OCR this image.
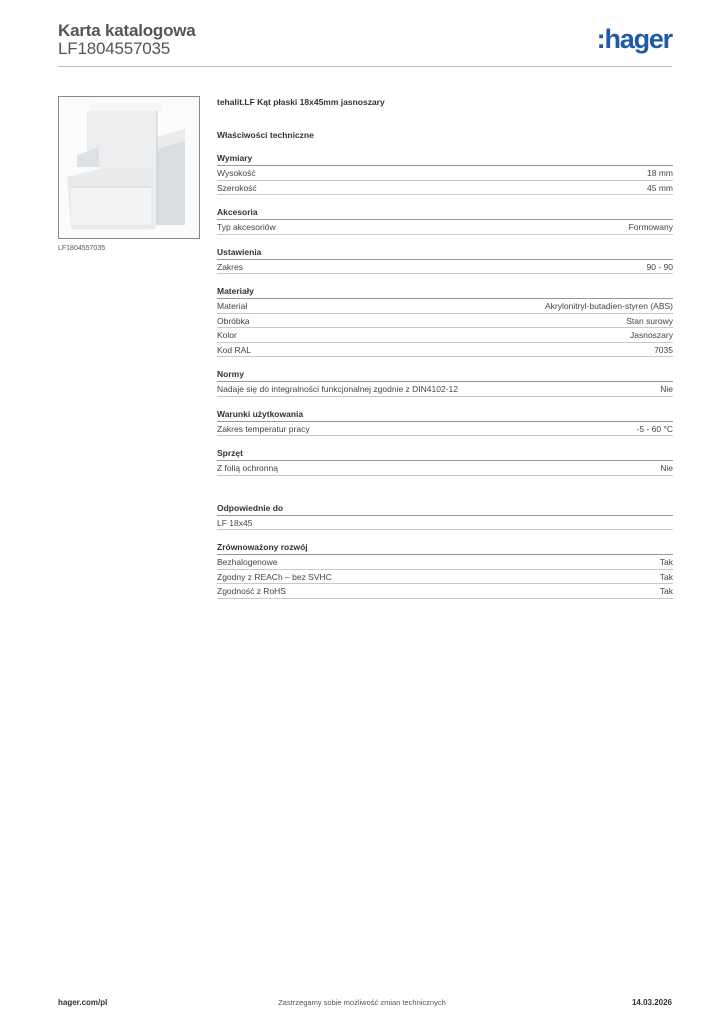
Karta katalogowa
LF1804557035	:hager
LF1804557035
tehalit.LF Kąt płaski 18x45mm jasnoszary
Właściwości techniczne
Wymiary
Wysokość	18 mm
Szerokość	45 mm
Akcesoria
Typ akcesoriów	Formowany
Ustawienia
Zakres	90 - 90
Materiały
Materiał	Akrylonitryl-butadien-styren (ABS)
Obróbka	Stan surowy
Kolor	Jasnoszary
Kod RAL	7035
Normy
Nadaje się do integralności funkcjonalnej zgodnie z DIN4102-12	Nie
Warunki użytkowania
Zakres temperatur pracy	-5 - 60 °C
Sprzęt
Z folią ochronną	Nie
Odpowiednie do
LF 18x45
Zrównoważony rozwój
Bezhalogenowe	Tak
Zgodny z REACh – bez SVHC	Tak
Zgodność z RoHS	Tak
hager.com/pl	Zastrzegamy sobie możliwość zmian technicznych	14.03.2026
